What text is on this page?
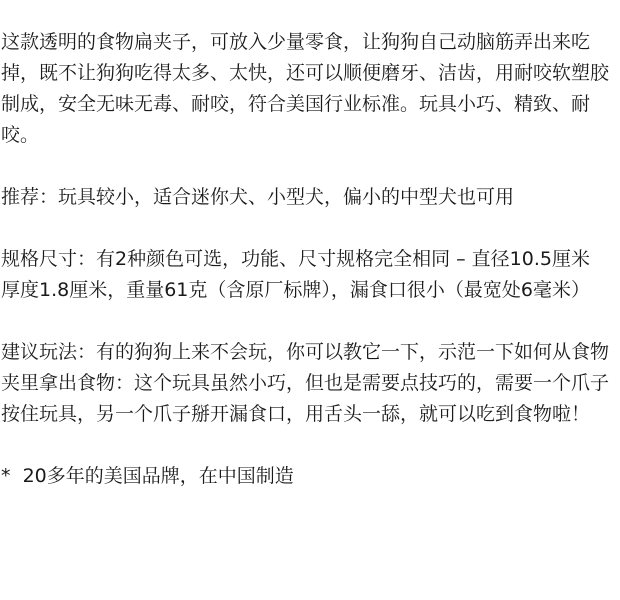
这款透明的食物扁夹子，可放入少量零食，让狗狗自己动脑筋弄出来吃掉，既不让狗狗吃得太多、太快，还可以顺便磨牙、洁齿，用耐咬软塑胶制成，安全无味无毒、耐咬，符合美国行业标准。玩具小巧、精致、耐咬。

推荐：玩具较小，适合迷你犬、小型犬，偏小的中型犬也可用

规格尺寸：有2种颜色可选，功能、尺寸规格完全相同 – 直径10.5厘米   厚度1.8厘米，重量61克（含原厂标牌），漏食口很小（最宽处6毫米）

建议玩法：有的狗狗上来不会玩，你可以教它一下，示范一下如何从食物夹里拿出食物：这个玩具虽然小巧，但也是需要点技巧的，需要一个爪子按住玩具，另一个爪子掰开漏食口，用舌头一舔，就可以吃到食物啦！

*  20多年的美国品牌，在中国制造
